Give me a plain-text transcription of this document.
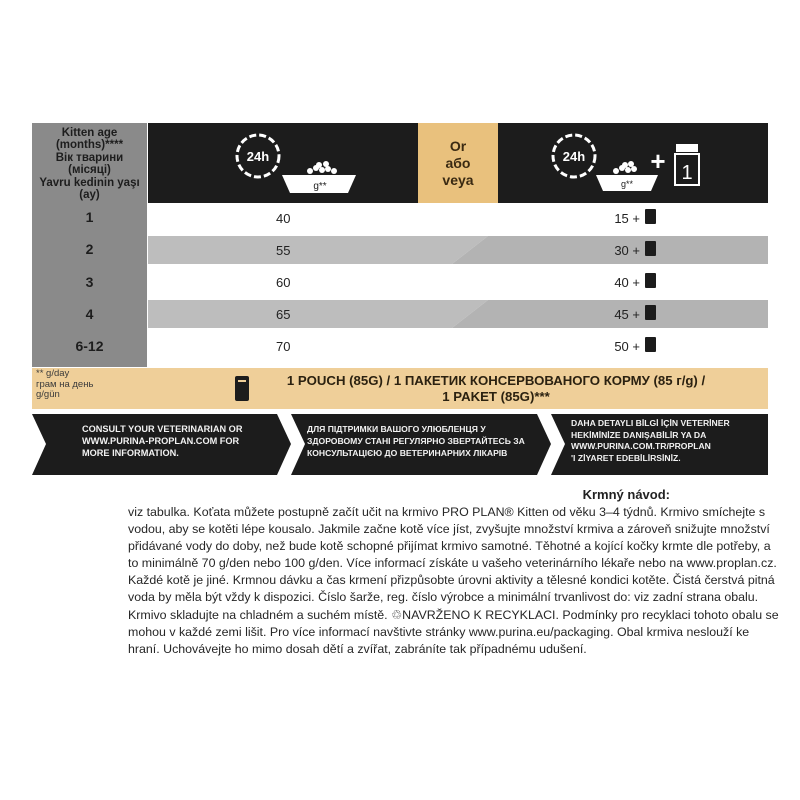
Kitten age
(months)****
Вік тварини
(місяці)
Yavru kedinin yaşı
(ay)
1
2
3
4
6-12
24h
g**
Or
або
veya
24h
g**
+ 1
40
55
60
65
70
15 +
30 +
40 +
45 +
50 +
** g/day
грам на день
g/gün
1 POUCH (85G) / 1 ПАКЕТИК КОНСЕРВОВАНОГО КОРМУ (85 г/g) /
1 PAKET (85G)***
CONSULT YOUR VETERINARIAN OR
WWW.PURINA-PROPLAN.COM FOR
MORE INFORMATION.
ДЛЯ ПІДТРИМКИ ВАШОГО УЛЮБЛЕНЦЯ У
ЗДОРОВОМУ СТАНІ РЕГУЛЯРНО ЗВЕРТАЙТЕСЬ ЗА
КОНСУЛЬТАЦІЄЮ ДО ВЕТЕРИНАРНИХ ЛІКАРІВ
DAHA DETAYLI BİLGİ İÇİN VETERİNER
HEKİMİNİZE DANIŞABİLİR YA DA
WWW.PURINA.COM.TR/PROPLAN
'I ZİYARET EDEBİLİRSİNİZ.
Krmný návod:
viz tabulka. Koťata můžete postupně začít učit na krmivo PRO PLAN® Kitten od věku 3–4 týdnů. Krmivo smíchejte s
vodou, aby se kotěti lépe kousalo. Jakmile začne kotě více jíst, zvyšujte množství krmiva a zároveň snižujte množství
přidávané vody do doby, než bude kotě schopné přijímat krmivo samotné. Těhotné a kojící kočky krmte dle potřeby, a
to minimálně 70 g/den nebo 100 g/den. Více informací získáte u vašeho veterinárního lékaře nebo na www.proplan.cz.
Každé kotě je jiné. Krmnou dávku a čas krmení přizpůsobte úrovni aktivity a tělesné kondici kotěte. Čistá čerstvá pitná
voda by měla být vždy k dispozici. Číslo šarže, reg. číslo výrobce a minimální trvanlivost do: viz zadní strana obalu.
Krmivo skladujte na chladném a suchém místě. ♲NAVRŽENO K RECYKLACI. Podmínky pro recyklaci tohoto obalu se
mohou v každé zemi lišit. Pro více informací navštivte stránky www.purina.eu/packaging. Obal krmiva neslouží ke
hraní. Uchovávejte ho mimo dosah dětí a zvířat, zabráníte tak případnému udušení.
